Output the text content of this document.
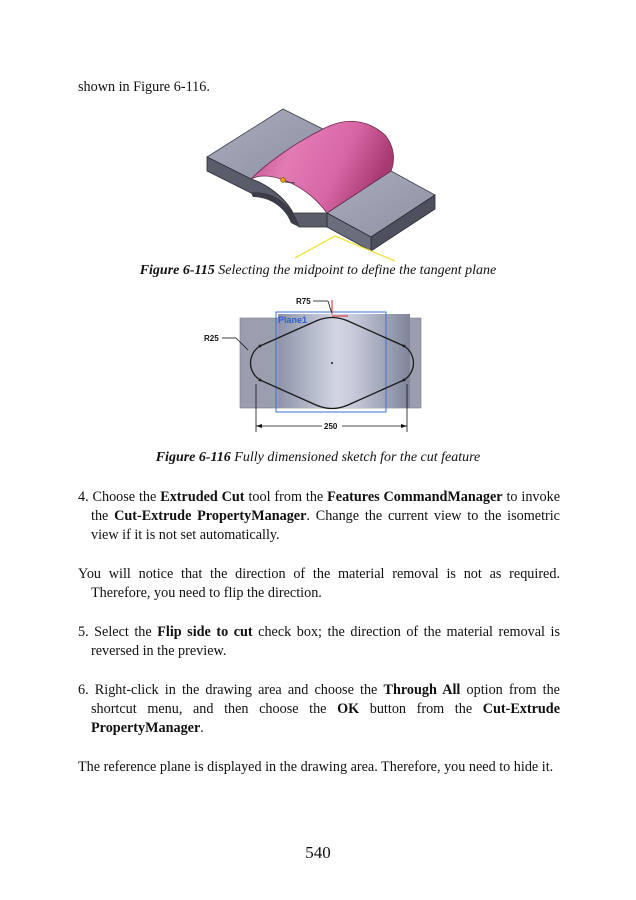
shown in Figure 6-116.
Figure 6-115 Selecting the midpoint to define the tangent plane
Plane1
R75
R25
250
Figure 6-116 Fully dimensioned sketch for the cut feature
4. Choose the Extruded Cut tool from the Features CommandManager to invoke the Cut-Extrude PropertyManager. Change the current view to the isometric view if it is not set automatically.
You will notice that the direction of the material removal is not as required. Therefore, you need to flip the direction.
5. Select the Flip side to cut check box; the direction of the material removal is reversed in the preview.
6. Right-click in the drawing area and choose the Through All option from the shortcut menu, and then choose the OK button from the Cut-Extrude PropertyManager.
The reference plane is displayed in the drawing area. Therefore, you need to hide it.
540
